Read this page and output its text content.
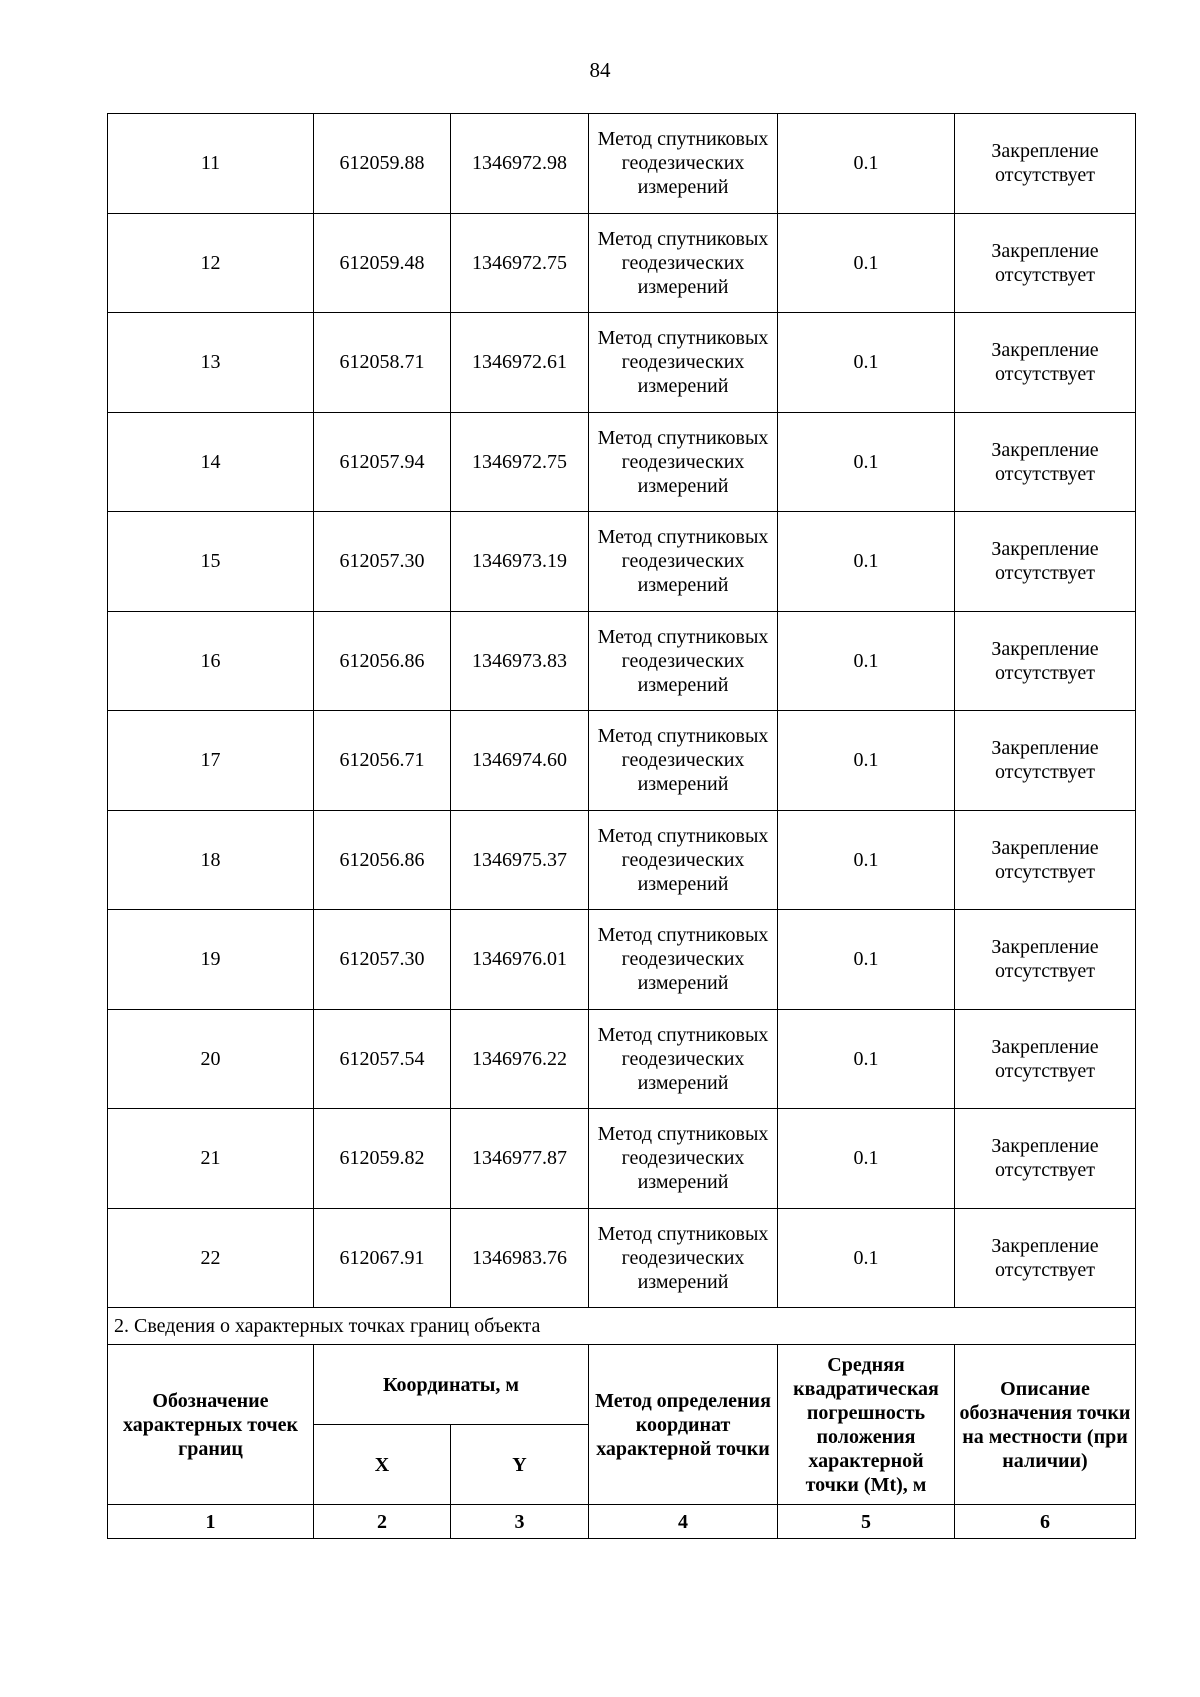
84
11	612059.88	1346972.98	Метод спутниковых геодезических измерений	0.1	Закрепление отсутствует
12	612059.48	1346972.75	Метод спутниковых геодезических измерений	0.1	Закрепление отсутствует
13	612058.71	1346972.61	Метод спутниковых геодезических измерений	0.1	Закрепление отсутствует
14	612057.94	1346972.75	Метод спутниковых геодезических измерений	0.1	Закрепление отсутствует
15	612057.30	1346973.19	Метод спутниковых геодезических измерений	0.1	Закрепление отсутствует
16	612056.86	1346973.83	Метод спутниковых геодезических измерений	0.1	Закрепление отсутствует
17	612056.71	1346974.60	Метод спутниковых геодезических измерений	0.1	Закрепление отсутствует
18	612056.86	1346975.37	Метод спутниковых геодезических измерений	0.1	Закрепление отсутствует
19	612057.30	1346976.01	Метод спутниковых геодезических измерений	0.1	Закрепление отсутствует
20	612057.54	1346976.22	Метод спутниковых геодезических измерений	0.1	Закрепление отсутствует
21	612059.82	1346977.87	Метод спутниковых геодезических измерений	0.1	Закрепление отсутствует
22	612067.91	1346983.76	Метод спутниковых геодезических измерений	0.1	Закрепление отсутствует
2. Сведения о характерных точках границ объекта					
Обозначение характерных точек границ	Координаты, м		Метод определения координат характерной точки	Средняя квадратическая погрешность положения характерной точки (Mt), м	Описание обозначения точки на местности (при наличии)
	X	Y			
1	2	3	4	5	6
